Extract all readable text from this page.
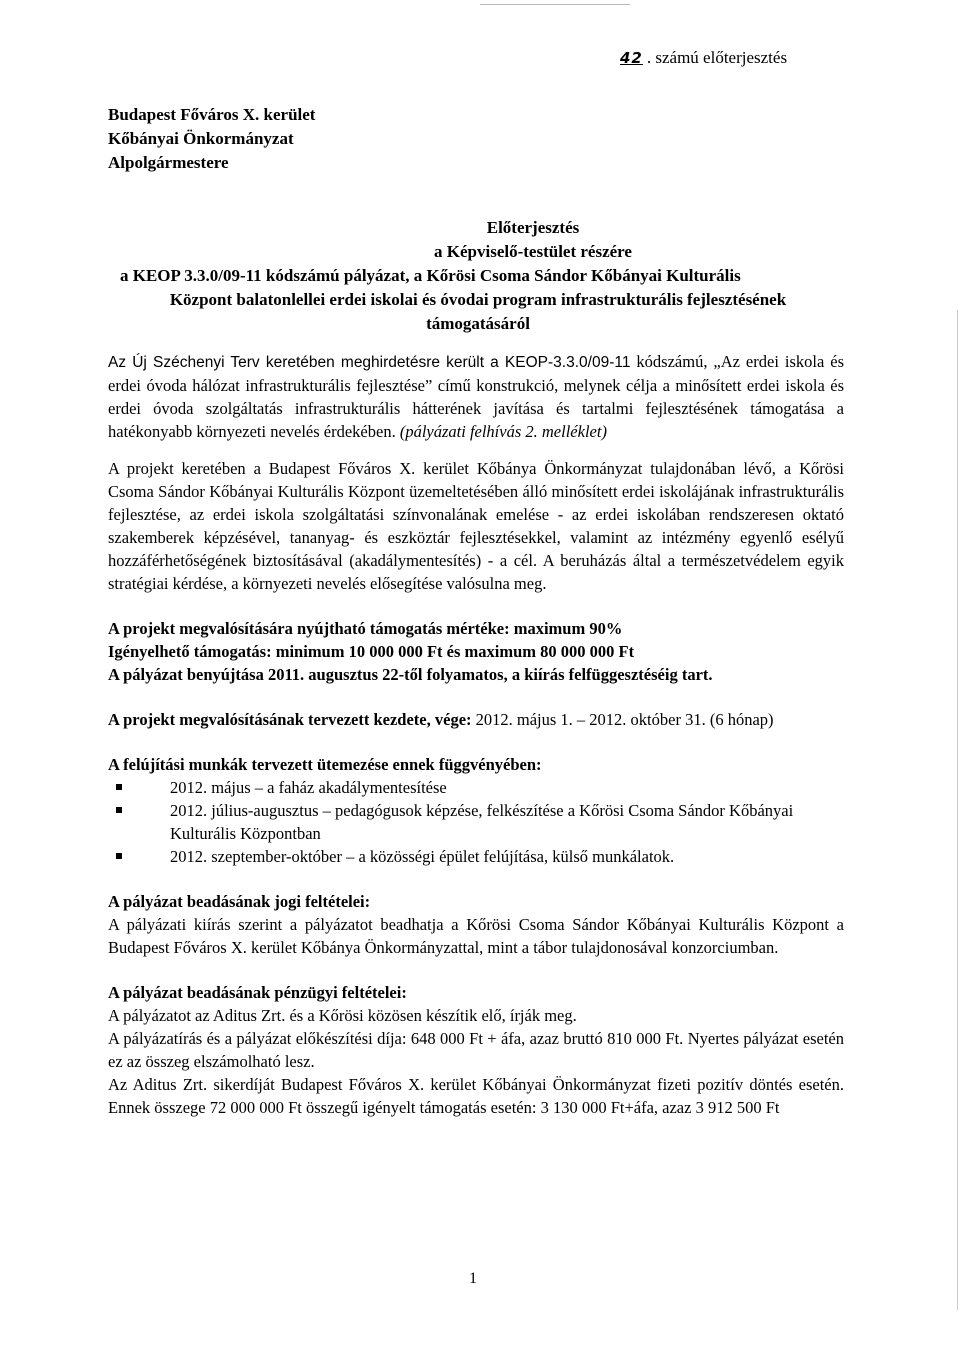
42 . számú előterjesztés
Budapest Főváros X. kerület
Kőbányai Önkormányzat
Alpolgármestere
Előterjesztés
a Képviselő-testület részére
a KEOP 3.3.0/09-11 kódszámú pályázat, a Kőrösi Csoma Sándor Kőbányai Kulturális
Központ balatonlellei erdei iskolai és óvodai program infrastrukturális fejlesztésének
támogatásáról

Az Új Széchenyi Terv keretében meghirdetésre került a KEOP-3.3.0/09-11 kódszámú, „Az erdei iskola és erdei óvoda hálózat infrastrukturális fejlesztése” című konstrukció, melynek célja a minősített erdei iskola és erdei óvoda szolgáltatás infrastrukturális hátterének javítása és tartalmi fejlesztésének támogatása a hatékonyabb környezeti nevelés érdekében. (pályázati felhívás 2. melléklet)

A projekt keretében a Budapest Főváros X. kerület Kőbánya Önkormányzat tulajdonában lévő, a Kőrösi Csoma Sándor Kőbányai Kulturális Központ üzemeltetésében álló minősített erdei iskolájának infrastrukturális fejlesztése, az erdei iskola szolgáltatási színvonalának emelése - az erdei iskolában rendszeresen oktató szakemberek képzésével, tananyag- és eszköztár fejlesztésekkel, valamint az intézmény egyenlő esélyű hozzáférhetőségének biztosításával (akadálymentesítés) - a cél. A beruházás által a természetvédelem egyik stratégiai kérdése, a környezeti nevelés elősegítése valósulna meg.

A projekt megvalósítására nyújtható támogatás mértéke: maximum 90%
Igényelhető támogatás: minimum 10 000 000 Ft és maximum 80 000 000 Ft
A pályázat benyújtása 2011. augusztus 22-től folyamatos, a kiírás felfüggesztéséig tart.

A projekt megvalósításának tervezett kezdete, vége: 2012. május 1. – 2012. október 31. (6 hónap)

A felújítási munkák tervezett ütemezése ennek függvényében:
2012. május – a faház akadálymentesítése
2012. július-augusztus – pedagógusok képzése, felkészítése a Kőrösi Csoma Sándor Kőbányai Kulturális Központban
2012. szeptember-október – a közösségi épület felújítása, külső munkálatok.
A pályázat beadásának jogi feltételei:

A pályázati kiírás szerint a pályázatot beadhatja a Kőrösi Csoma Sándor Kőbányai Kulturális Központ a Budapest Főváros X. kerület Kőbánya Önkormányzattal, mint a tábor tulajdonosával konzorciumban.

A pályázat beadásának pénzügyi feltételei:

A pályázatot az Aditus Zrt. és a Kőrösi közösen készítik elő, írják meg.

A pályázatírás és a pályázat előkészítési díja: 648 000 Ft + áfa, azaz bruttó 810 000 Ft. Nyertes pályázat esetén ez az összeg elszámolható lesz.

Az Aditus Zrt. sikerdíját Budapest Főváros X. kerület Kőbányai Önkormányzat fizeti pozitív döntés esetén. Ennek összege 72 000 000 Ft összegű igényelt támogatás esetén: 3 130 000 Ft+áfa, azaz 3 912 500 Ft

1
